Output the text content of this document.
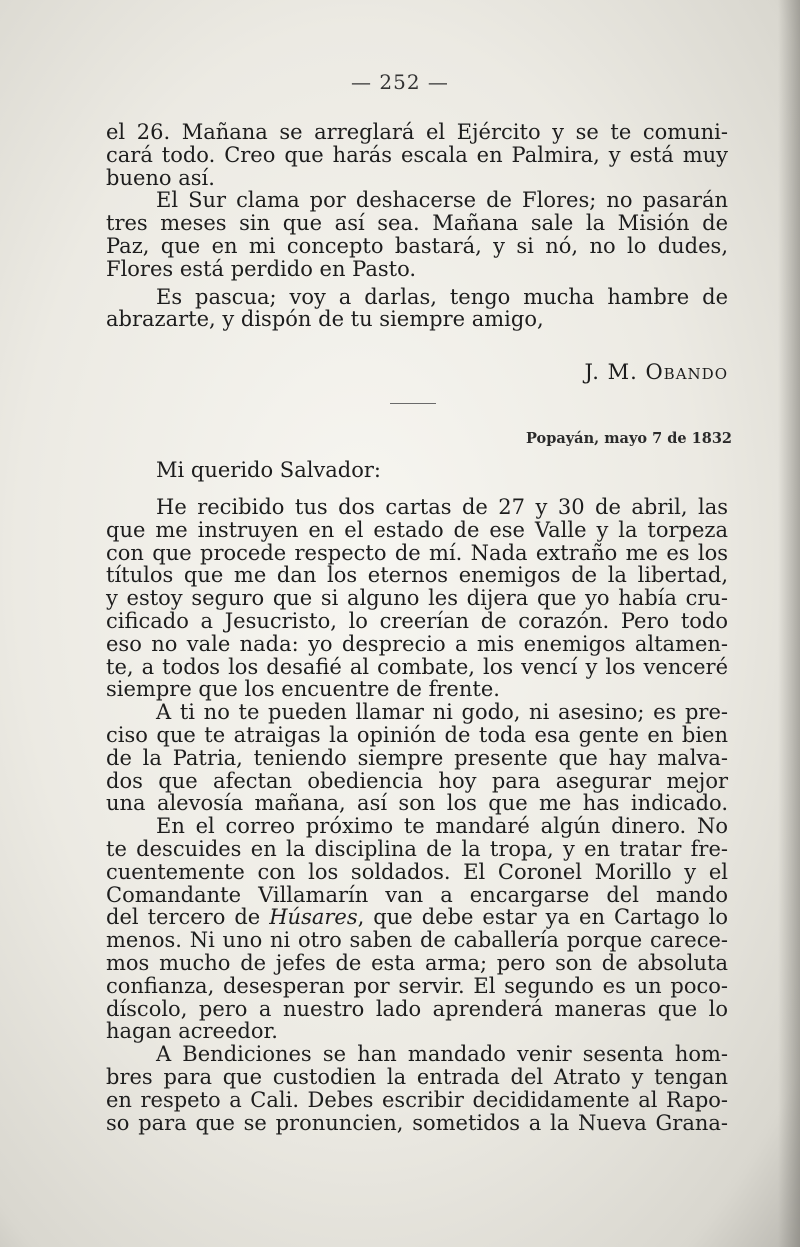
— 252 —
el 26. Mañana se arreglará el Ejército y se te comuni-
cará todo. Creo que harás escala en Palmira, y está muy
bueno así.
El Sur clama por deshacerse de Flores; no pasarán
tres meses sin que así sea. Mañana sale la Misión de
Paz, que en mi concepto bastará, y si nó, no lo dudes,
Flores está perdido en Pasto.
Es pascua; voy a darlas, tengo mucha hambre de
abrazarte, y dispón de tu siempre amigo,
J. M. Obando
Popayán, mayo 7 de 1832
Mi querido Salvador:
He recibido tus dos cartas de 27 y 30 de abril, las
que me instruyen en el estado de ese Valle y la torpeza
con que procede respecto de mí. Nada extraño me es los
títulos que me dan los eternos enemigos de la libertad,
y estoy seguro que si alguno les dijera que yo había cru-
cificado a Jesucristo, lo creerían de corazón. Pero todo
eso no vale nada: yo desprecio a mis enemigos altamen-
te, a todos los desafié al combate, los vencí y los venceré
siempre que los encuentre de frente.
A ti no te pueden llamar ni godo, ni asesino; es pre-
ciso que te atraigas la opinión de toda esa gente en bien
de la Patria, teniendo siempre presente que hay malva-
dos que afectan obediencia hoy para asegurar mejor
una alevosía mañana, así son los que me has indicado.
En el correo próximo te mandaré algún dinero. No
te descuides en la disciplina de la tropa, y en tratar fre-
cuentemente con los soldados. El Coronel Morillo y el
Comandante Villamarín van a encargarse del mando
del tercero de Húsares, que debe estar ya en Cartago lo
menos. Ni uno ni otro saben de caballería porque carece-
mos mucho de jefes de esta arma; pero son de absoluta
confianza, desesperan por servir. El segundo es un poco-
díscolo, pero a nuestro lado aprenderá maneras que lo
hagan acreedor.
A Bendiciones se han mandado venir sesenta hom-
bres para que custodien la entrada del Atrato y tengan
en respeto a Cali. Debes escribir decididamente al Rapo-
so para que se pronuncien, sometidos a la Nueva Grana-
